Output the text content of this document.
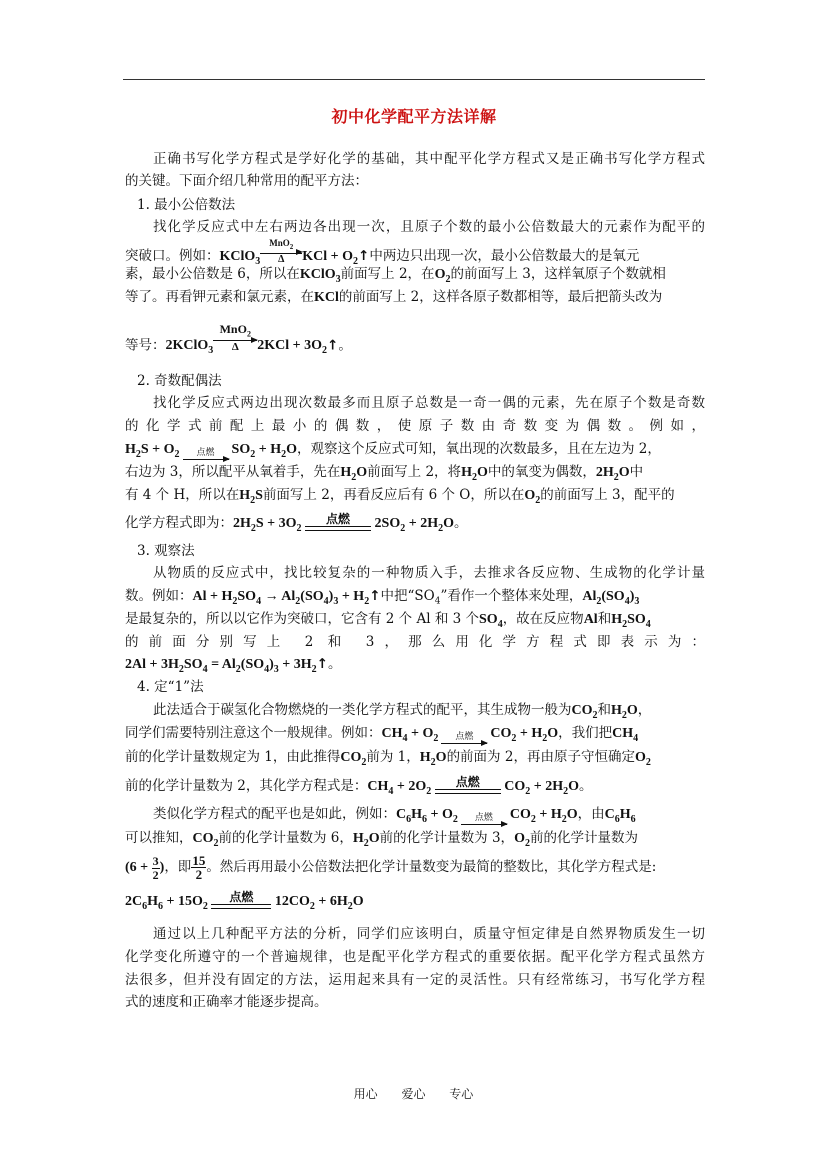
初中化学配平方法详解
正确书写化学方程式是学好化学的基础，其中配平化学方程式又是正确书写化学方程式
的关键。下面介绍几种常用的配平方法：
1. 最小公倍数法
找化学反应式中左右两边各出现一次，且原子个数的最小公倍数最大的元素作为配平的
突破口。例如：KClO$_3$
MnO$_2$
Δ	KCl + $O_2↑$中两边只出现一次，最小公倍数最大的是氧元
素，最小公倍数是 6，所以在KClO$_3$前面写上 2，在$O_2$的前面写上 3，这样氧原子个数就相
等了。再看钾元素和氯元素，在KCl的前面写上 2，这样各原子数都相等，最后把箭头改为
等号：2KClO$_3$
MnO$_2$
Δ	$2KCl + 3O_2↑$。
2. 奇数配偶法
找化学反应式两边出现次数最多而且原子总数是一奇一偶的元素，先在原子个数是奇数
的化学式前配上最小的偶数，使原子数由奇数变为偶数。例如，
$H_2S + O_2$	点燃	$SO_2 + H_2O$，观察这个反应式可知，氧出现的次数最多，且在左边为 2，
右边为 3，所以配平从氧着手，先在$H_2O$前面写上 2，将$H_2O$中的氧变为偶数，$2H_2O$中
有 4 个 H，所以在$H_2S$前面写上 2，再看反应后有 6 个 O，所以在$O_2$的前面写上 3，配平的
化学方程式即为：$2H_2S + 3O_2$
点燃	$2SO_2 + 2H_2O$。
3. 观察法
从物质的反应式中，找比较复杂的一种物质入手，去推求各反应物、生成物的化学计量
数。例如：$Al + H_2SO_4 \to Al_2(SO_4)_3$ + $H_2↑$中把“$SO_4$”看作一个整体来处理，$Al_2(SO_4)_3$
是最复杂的，所以以它作为突破口，它含有 2 个 Al 和 3 个$SO_4$，故在反应物Al和$H_2SO_4$
的前面分别写上 2 和 3，那么用化学方程式即表示为：
$2Al + 3H_2SO_4 = Al_2(SO_4)_3$ + $3H_2↑$。
4. 定“1”法
此法适合于碳氢化合物燃烧的一类化学方程式的配平，其生成物一般为$CO_2$和$H_2O$，
同学们需要特别注意这个一般规律。例如：$CH_4 + O_2$	点燃	$CO_2 + H_2O$，我们把$CH_4$
前的化学计量数规定为 1，由此推得$CO_2$前为 1，$H_2O$的前面为 2，再由原子守恒确定$O_2$
前的化学计量数为 2，其化学方程式是：$CH_4 + 2O_2$
点燃	$CO_2 + 2H_2O$。
类似化学方程式的配平也是如此，例如：$C_6H_6 + O_2$	点燃	$CO_2 + H_2O$，由$C_6H_6$
可以推知，$CO_2$前的化学计量数为 6，$H_2O$前的化学计量数为 3，$O_2$前的化学计量数为
($6 + \frac{3}{2}$ )，即 $\frac{15}{2}$ 。然后再用最小公倍数法把化学计量数变为最简的整数比，其化学方程式是:
$2C_6H_6 + 15O_2$
点燃	$12CO_2 + 6H_2O$
通过以上几种配平方法的分析，同学们应该明白，质量守恒定律是自然界物质发生一切
化学变化所遵守的一个普遍规律，也是配平化学方程式的重要依据。配平化学方程式虽然方
法很多，但并没有固定的方法，运用起来具有一定的灵活性。只有经常练习，书写化学方程
式的速度和正确率才能逐步提高。
用心 爱心 专心
